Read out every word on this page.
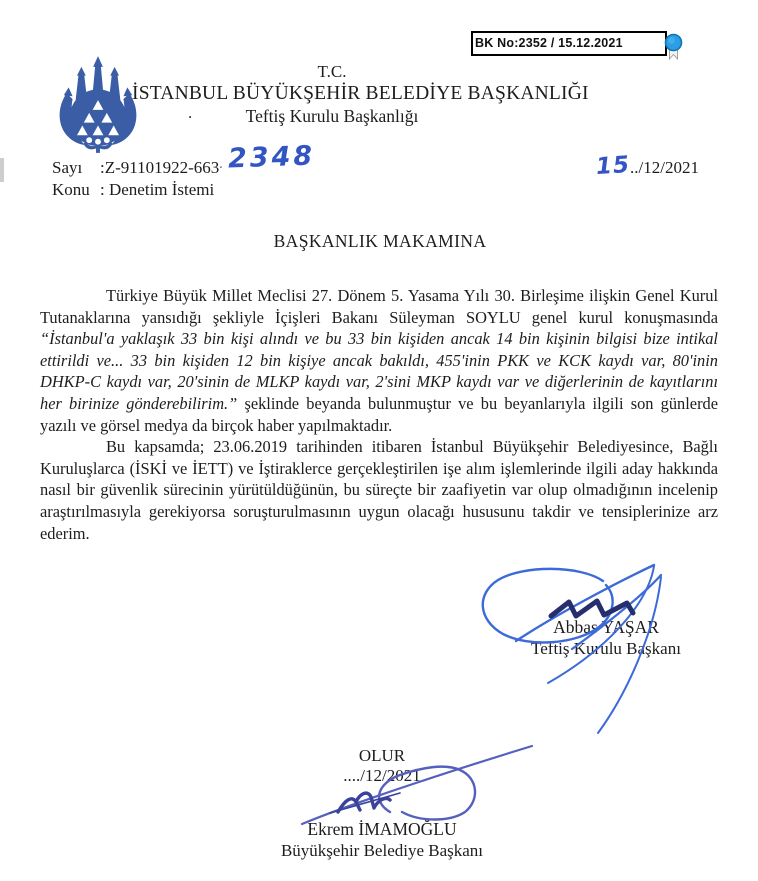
BK No:2352 / 15.12.2021
T.C.
İSTANBUL BÜYÜKŞEHİR BELEDİYE BAŞKANLIĞI
Teftiş Kurulu Başkanlığı
.
Sayı :Z-91101922-663 . 2348	15../12/2021
Konu : Denetim İstemi
BAŞKANLIK MAKAMINA

Türkiye Büyük Millet Meclisi 27. Dönem 5. Yasama Yılı 30. Birleşime ilişkin Genel Kurul Tutanaklarına yansıdığı şekliyle İçişleri Bakanı Süleyman SOYLU genel kurul konuşmasında “İstanbul'a yaklaşık 33 bin kişi alındı ve bu 33 bin kişiden ancak 14 bin kişinin bilgisi bize intikal ettirildi ve... 33 bin kişiden 12 bin kişiye ancak bakıldı, 455'inin PKK ve KCK kaydı var, 80'inin DHKP-C kaydı var, 20'sinin de MLKP kaydı var, 2'sini MKP kaydı var ve diğerlerinin de kayıtlarını her birinize gönderebilirim.” şeklinde beyanda bulunmuştur ve bu beyanlarıyla ilgili son günlerde yazılı ve görsel medya da birçok haber yapılmaktadır.

Bu kapsamda; 23.06.2019 tarihinden itibaren İstanbul Büyükşehir Belediyesince, Bağlı Kuruluşlarca (İSKİ ve İETT) ve İştiraklerce gerçekleştirilen işe alım işlemlerinde ilgili aday hakkında nasıl bir güvenlik sürecinin yürütüldüğünün, bu süreçte bir zaafiyetin var olup olmadığının incelenip araştırılmasıyla gerekiyorsa soruşturulmasının uygun olacağı hususunu takdir ve tensiplerinize arz ederim.

Abbas YAŞAR
Teftiş Kurulu Başkanı
OLUR
..../12/2021
Ekrem İMAMOĞLU
Büyükşehir Belediye Başkanı
